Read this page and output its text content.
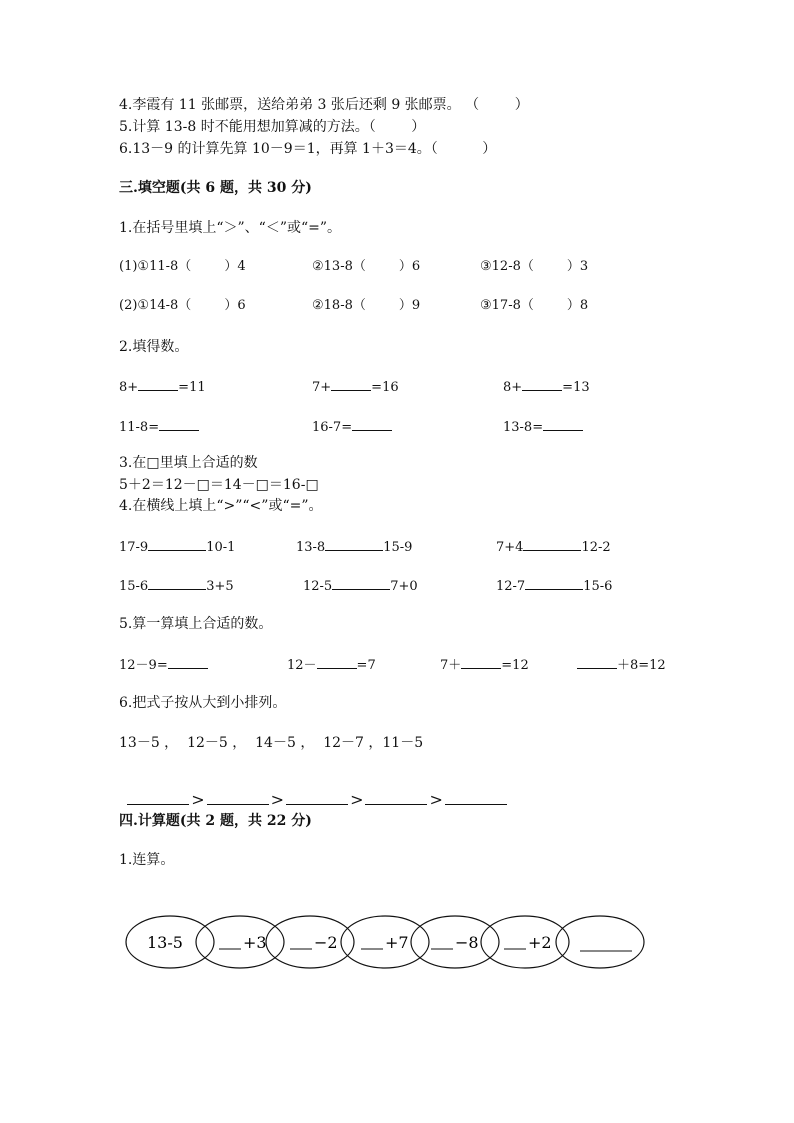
4.李霞有 11 张邮票，送给弟弟 3 张后还剩 9 张邮票。 （        ）
5.计算 13-8 时不能用想加算减的方法。（        ）
6.13－9 的计算先算 10－9＝1，再算 1＋3＝4。（          ）
三.填空题(共 6 题，共 30 分)
1.在括号里填上“＞”、“＜”或“=”。
(1)①11-8（        ）4	②13-8（        ）6	③12-8（        ）3
(2)①14-8（        ）6	②18-8（        ）9	③17-8（        ）8
2.填得数。
8+	=11	7+	=16	8+	=13
11-8=	16-7=	13-8=
3.在□里填上合适的数
5＋2＝12－□＝14－□＝16-□
4.在横线上填上“>”“<”或“=”。
17-9	10-1	13-8	15-9	7+4	12-2
15-6	3+5	12-5	7+0	12-7	15-6
5.算一算填上合适的数。
12－9=	12－	=7	7＋	=12	＋8=12
6.把式子按从大到小排列。
13－5 ，  12－5 ，  14－5 ，  12－7 ，11－5

>	>	>	>

四.计算题(共 2 题，共 22 分)
1.连算。
13-5	+3	−2	+7	−8	+2
